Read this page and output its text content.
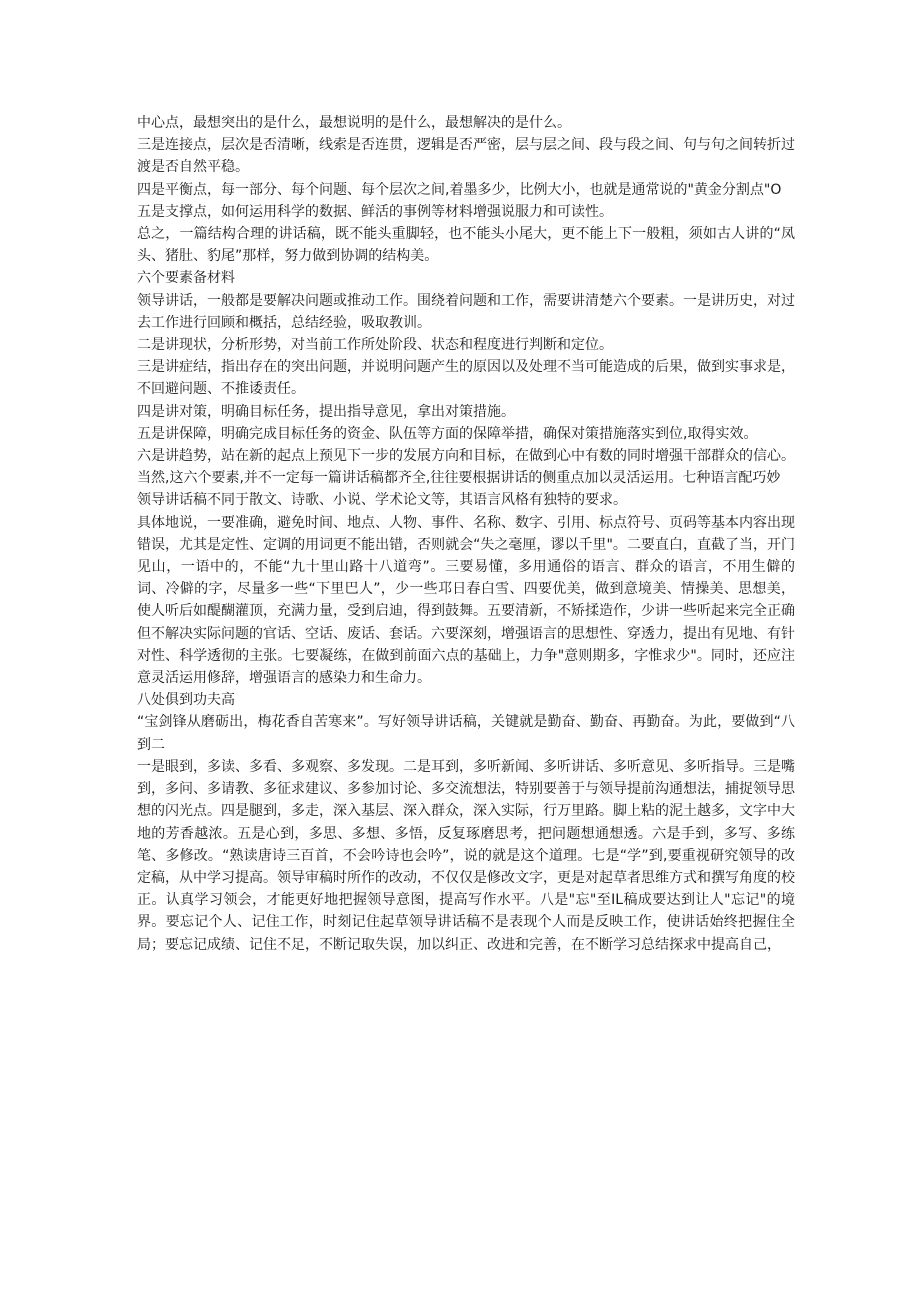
中心点，最想突出的是什么，最想说明的是什么，最想解决的是什么。

三是连接点，层次是否清晰，线索是否连贯，逻辑是否严密，层与层之间、段与段之间、句与句之间转折过渡是否自然平稳。

四是平衡点，每一部分、每个问题、每个层次之间,着墨多少，比例大小，也就是通常说的"黄金分割点"O

五是支撑点，如何运用科学的数据、鲜活的事例等材料增强说服力和可读性。

总之，一篇结构合理的讲话稿，既不能头重脚轻，也不能头小尾大，更不能上下一般粗，须如古人讲的“凤头、猪肚、豹尾”那样，努力做到协调的结构美。

六个要素备材料

领导讲话，一般都是要解决问题或推动工作。围绕着问题和工作，需要讲清楚六个要素。一是讲历史，对过去工作进行回顾和概括，总结经验，吸取教训。

二是讲现状，分析形势，对当前工作所处阶段、状态和程度进行判断和定位。

三是讲症结，指出存在的突出问题，并说明问题产生的原因以及处理不当可能造成的后果，做到实事求是，不回避问题、不推诿责任。

四是讲对策，明确目标任务，提出指导意见，拿出对策措施。

五是讲保障，明确完成目标任务的资金、队伍等方面的保障举措，确保对策措施落实到位,取得实效。

六是讲趋势，站在新的起点上预见下一步的发展方向和目标，在做到心中有数的同时增强干部群众的信心。

当然,这六个要素,并不一定每一篇讲话稿都齐全,往往要根据讲话的侧重点加以灵活运用。七种语言配巧妙

领导讲话稿不同于散文、诗歌、小说、学术论文等，其语言风格有独特的要求。

具体地说，一要准确，避免时间、地点、人物、事件、名称、数字、引用、标点符号、页码等基本内容出现错误，尤其是定性、定调的用词更不能出错，否则就会“失之毫厘，谬以千里"。二要直白，直截了当，开门见山，一语中的，不能“九十里山路十八道弯”。三要易懂，多用通俗的语言、群众的语言，不用生僻的词、冷僻的字，尽量多一些“下里巴人”，少一些邛日春白雪、四要优美，做到意境美、情操美、思想美，使人听后如醍醐灌顶，充满力量，受到启迪，得到鼓舞。五要清新，不矫揉造作，少讲一些听起来完全正确但不解决实际问题的官话、空话、废话、套话。六要深刻，增强语言的思想性、穿透力，提出有见地、有针对性、科学透彻的主张。七要凝练，在做到前面六点的基础上，力争"意则期多，字惟求少"。同时，还应注意灵活运用修辞，增强语言的感染力和生命力。

八处俱到功夫高

“宝剑锋从磨砺出，梅花香自苦寒来”。写好领导讲话稿，关键就是勤奋、勤奋、再勤奋。为此，要做到“八到二

一是眼到，多读、多看、多观察、多发现。二是耳到，多听新闻、多听讲话、多听意见、多听指导。三是嘴到，多问、多请教、多征求建议、多参加讨论、多交流想法，特别要善于与领导提前沟通想法，捕捉领导思想的闪光点。四是腿到，多走，深入基层、深入群众，深入实际，行万里路。脚上粘的泥土越多，文字中大地的芳香越浓。五是心到，多思、多想、多悟，反复琢磨思考，把问题想通想透。六是手到，多写、多练笔、多修改。“熟读唐诗三百首，不会吟诗也会吟”，说的就是这个道理。七是“学”到,要重视研究领导的改定稿，从中学习提高。领导审稿时所作的改动，不仅仅是修改文字，更是对起草者思维方式和撰写角度的校正。认真学习领会，才能更好地把握领导意图，提高写作水平。八是"忘"至IL稿成要达到让人"忘记"的境界。要忘记个人、记住工作，时刻记住起草领导讲话稿不是表现个人而是反映工作，使讲话始终把握住全局；要忘记成绩、记住不足，不断记取失误，加以纠正、改进和完善，在不断学习总结探求中提高自己，
